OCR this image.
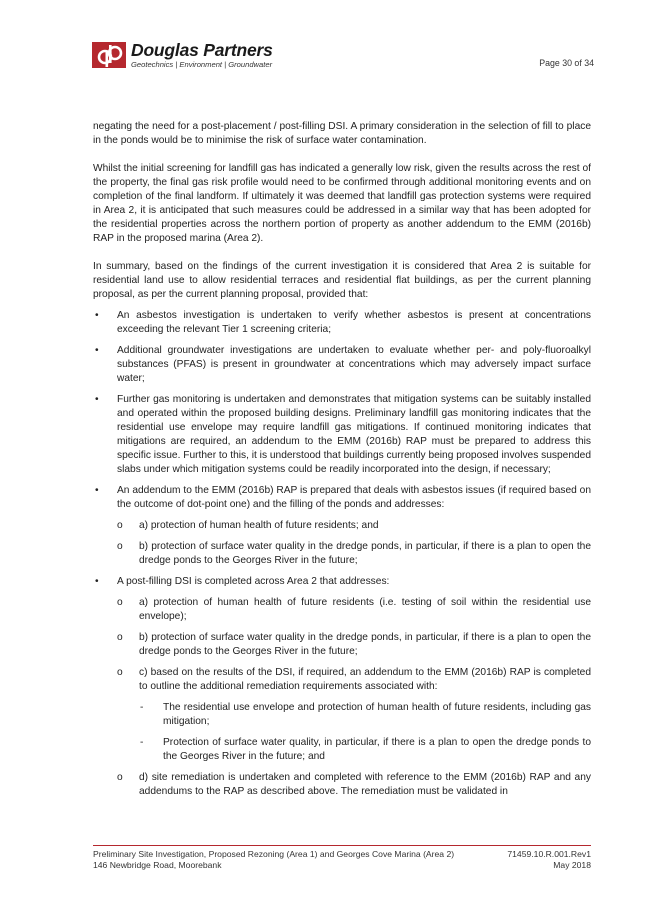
Douglas Partners
Geotechnics | Environment | Groundwater	Page 30 of 34

negating the need for a post-placement / post-filling DSI. A primary consideration in the selection of fill to place in the ponds would be to minimise the risk of surface water contamination.

Whilst the initial screening for landfill gas has indicated a generally low risk, given the results across the rest of the property, the final gas risk profile would need to be confirmed through additional monitoring events and on completion of the final landform. If ultimately it was deemed that landfill gas protection systems were required in Area 2, it is anticipated that such measures could be addressed in a similar way that has been adopted for the residential properties across the northern portion of property as another addendum to the EMM (2016b) RAP in the proposed marina (Area 2).

In summary, based on the findings of the current investigation it is considered that Area 2 is suitable for residential land use to allow residential terraces and residential flat buildings, as per the current planning proposal, as per the current planning proposal, provided that:

• An asbestos investigation is undertaken to verify whether asbestos is present at concentrations exceeding the relevant Tier 1 screening criteria;
• Additional groundwater investigations are undertaken to evaluate whether per- and poly-fluoroalkyl substances (PFAS) is present in groundwater at concentrations which may adversely impact surface water;
• Further gas monitoring is undertaken and demonstrates that mitigation systems can be suitably installed and operated within the proposed building designs. Preliminary landfill gas monitoring indicates that the residential use envelope may require landfill gas mitigations. If continued monitoring indicates that mitigations are required, an addendum to the EMM (2016b) RAP must be prepared to address this specific issue. Further to this, it is understood that buildings currently being proposed involves suspended slabs under which mitigation systems could be readily incorporated into the design, if necessary;
• An addendum to the EMM (2016b) RAP is prepared that deals with asbestos issues (if required based on the outcome of dot-point one) and the filling of the ponds and addresses:
o a) protection of human health of future residents; and
o b) protection of surface water quality in the dredge ponds, in particular, if there is a plan to open the dredge ponds to the Georges River in the future;
• A post-filling DSI is completed across Area 2 that addresses:
o a) protection of human health of future residents (i.e. testing of soil within the residential use envelope);
o b) protection of surface water quality in the dredge ponds, in particular, if there is a plan to open the dredge ponds to the Georges River in the future;
o c) based on the results of the DSI, if required, an addendum to the EMM (2016b) RAP is completed to outline the additional remediation requirements associated with:
- The residential use envelope and protection of human health of future residents, including gas mitigation;
- Protection of surface water quality, in particular, if there is a plan to open the dredge ponds to the Georges River in the future; and
o d) site remediation is undertaken and completed with reference to the EMM (2016b) RAP and any addendums to the RAP as described above. The remediation must be validated in
Preliminary Site Investigation, Proposed Rezoning (Area 1) and Georges Cove Marina (Area 2)
146 Newbridge Road, Moorebank
71459.10.R.001.Rev1
May 2018
